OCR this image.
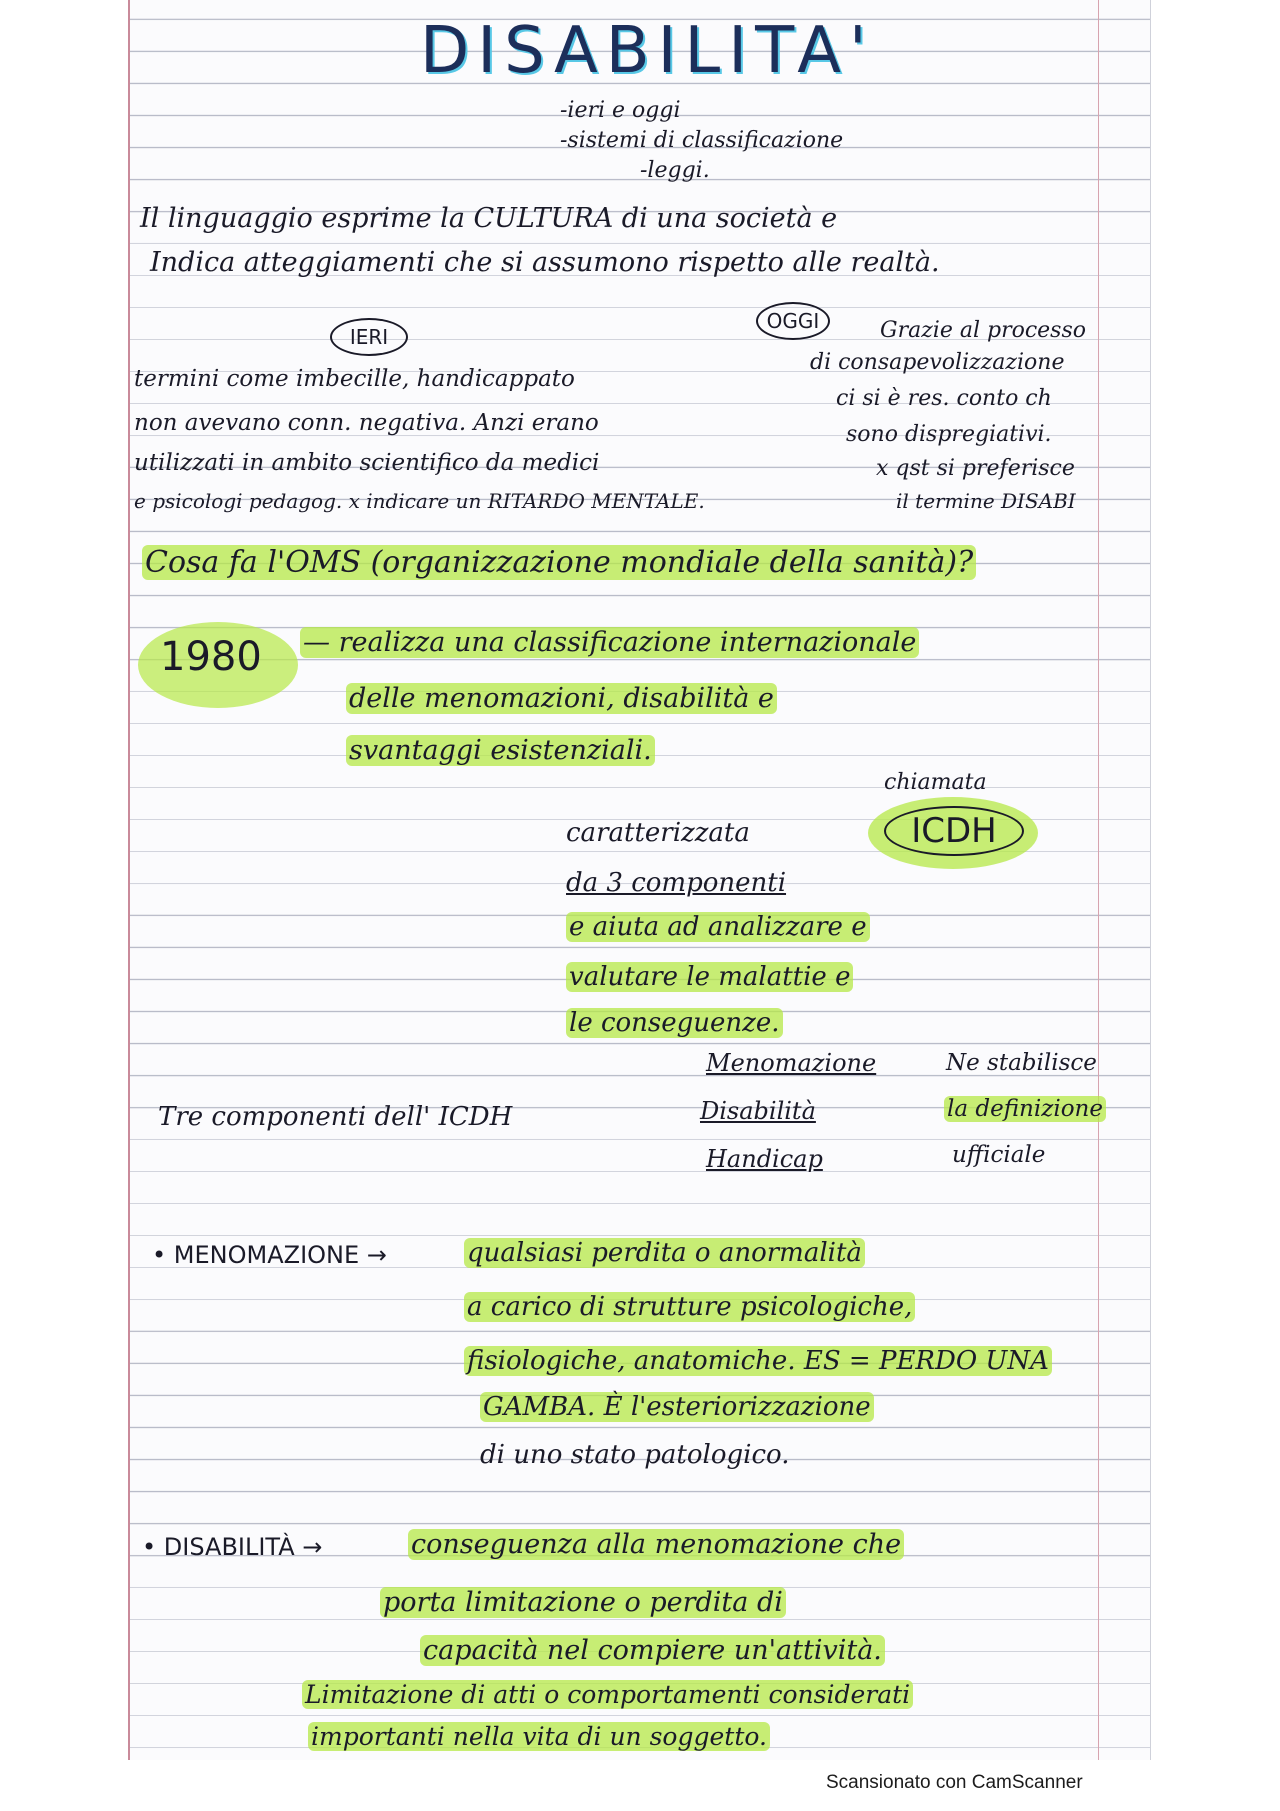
DISABILITA'
-ieri e oggi
-sistemi di classificazione
-leggi.
Il linguaggio esprime la CULTURA di una società e
Indica atteggiamenti che si assumono rispetto alle realtà.
IERI
OGGI
termini come imbecille, handicappato
non avevano conn. negativa. Anzi erano
utilizzati in ambito scientifico da medici
e psicologi pedagog. x indicare un RITARDO MENTALE.
Grazie al processo
di consapevolizzazione
ci si è res. conto ch
sono dispregiativi.
x qst si preferisce
il termine DISABI
Cosa fa l'OMS (organizzazione mondiale della sanità)?
1980 — realizza una classificazione internazionale
delle menomazioni, disabilità e
svantaggi esistenziali.
chiamata
ICDH
caratterizzata
da 3 componenti
e aiuta ad analizzare e
valutare le malattie e
le conseguenze.
Tre componenti dell' ICDH
Menomazione
Disabilità
Handicap
Ne stabilisce
la definizione
ufficiale
• MENOMAZIONE →	qualsiasi perdita o anormalità
a carico di strutture psicologiche,
fisiologiche, anatomiche. ES = PERDO UNA
GAMBA. È l'esteriorizzazione
di uno stato patologico.
• DISABILITÀ →	conseguenza alla menomazione che
porta limitazione o perdita di
capacità nel compiere un'attività.
Limitazione di atti o comportamenti considerati
importanti nella vita di un soggetto.
Scansionato con CamScanner
